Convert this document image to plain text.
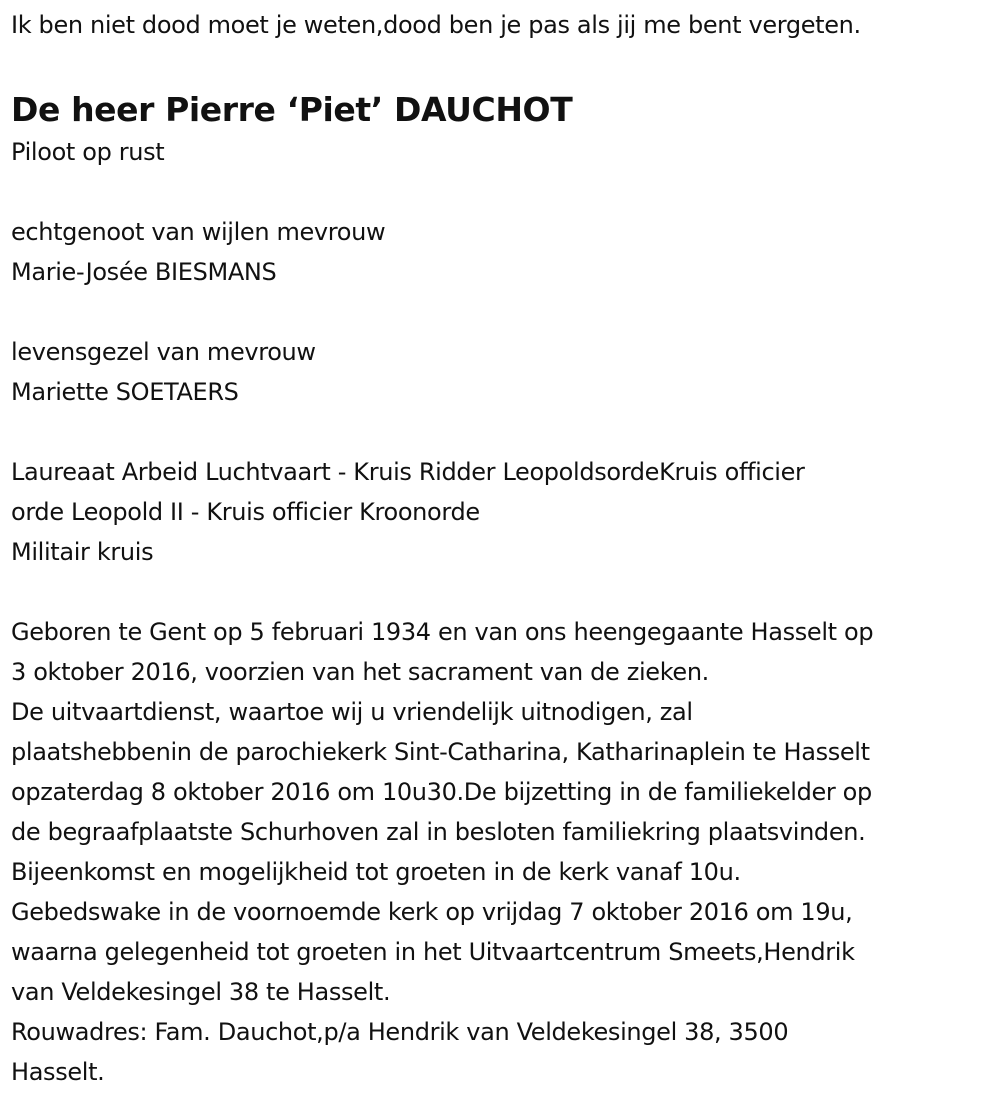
Ik ben niet dood moet je weten,dood ben je pas als jij me bent vergeten.
De heer Pierre ‘Piet’ DAUCHOT
Piloot op rust
echtgenoot van wijlen mevrouw
Marie-Josée BIESMANS
levensgezel van mevrouw
Mariette SOETAERS
Laureaat Arbeid Luchtvaart - Kruis Ridder LeopoldsordeKruis officier
orde Leopold II - Kruis officier Kroonorde
Militair kruis
Geboren te Gent op 5 februari 1934 en van ons heengegaante Hasselt op
3 oktober 2016, voorzien van het sacrament van de zieken.
De uitvaartdienst, waartoe wij u vriendelijk uitnodigen, zal
plaatshebbenin de parochiekerk Sint-Catharina, Katharinaplein te Hasselt
opzaterdag 8 oktober 2016 om 10u30.De bijzetting in de familiekelder op
de begraafplaatste Schurhoven zal in besloten familiekring plaatsvinden.
Bijeenkomst en mogelijkheid tot groeten in de kerk vanaf 10u.
Gebedswake in de voornoemde kerk op vrijdag 7 oktober 2016 om 19u,
waarna gelegenheid tot groeten in het Uitvaartcentrum Smeets,Hendrik
van Veldekesingel 38 te Hasselt.
Rouwadres: Fam. Dauchot,p/a Hendrik van Veldekesingel 38, 3500
Hasselt.
